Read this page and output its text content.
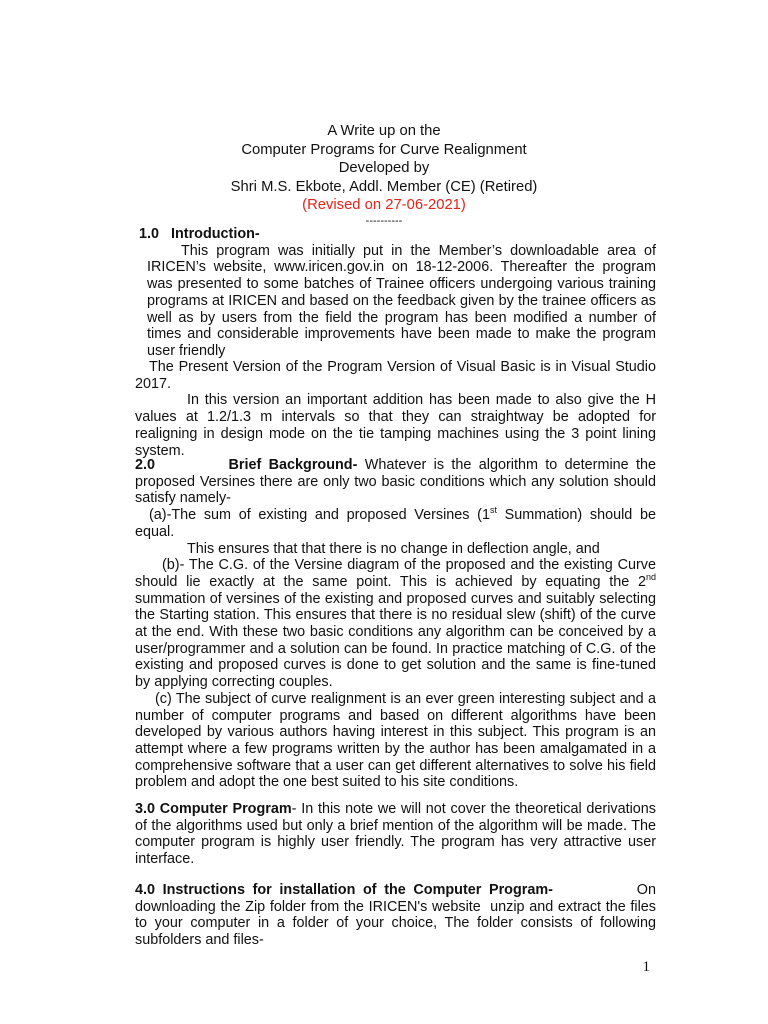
A Write up on the
Computer Programs for Curve Realignment
Developed by
Shri M.S. Ekbote, Addl. Member (CE) (Retired)
(Revised on 27-06-2021)
----------

1.0   Introduction-

This program was initially put in the Member’s downloadable area of IRICEN’s website, www.iricen.gov.in on 18-12-2006. Thereafter the program was presented to some batches of Trainee officers undergoing various training programs at IRICEN and based on the feedback given by the trainee officers as well as by users from the field the program has been modified a number of times and considerable improvements have been made to make the program user friendly

The Present Version of the Program Version of Visual Basic is in Visual Studio 2017.

In this version an important addition has been made to also give the H values at 1.2/1.3 m intervals so that they can straightway be adopted for realigning in design mode on the tie tamping machines using the 3 point lining system.

2.0          Brief Background- Whatever is the algorithm to determine the proposed Versines there are only two basic conditions which any solution should satisfy namely-

(a)-The sum of existing and proposed Versines (1st Summation) should be equal.

This ensures that that there is no change in deflection angle, and

(b)- The C.G. of the Versine diagram of the proposed and the existing Curve should lie exactly at the same point. This is achieved by equating the 2nd summation of versines of the existing and proposed curves and suitably selecting the Starting station. This ensures that there is no residual slew (shift) of the curve at the end. With these two basic conditions any algorithm can be conceived by a user/programmer and a solution can be found. In practice matching of C.G. of the existing and proposed curves is done to get solution and the same is fine-tuned by applying correcting couples.

(c) The subject of curve realignment is an ever green interesting subject and a number of computer programs and based on different algorithms have been developed by various authors having interest in this subject. This program is an attempt where a few programs written by the author has been amalgamated in a comprehensive software that a user can get different alternatives to solve his field problem and adopt the one best suited to his site conditions.

3.0 Computer Program- In this note we will not cover the theoretical derivations of the algorithms used but only a brief mention of the algorithm will be made. The computer program is highly user friendly. The program has very attractive user interface.

4.0 Instructions for installation of the Computer Program-           On downloading the Zip folder from the IRICEN's website  unzip and extract the files to your computer in a folder of your choice, The folder consists of following subfolders and files-

1
